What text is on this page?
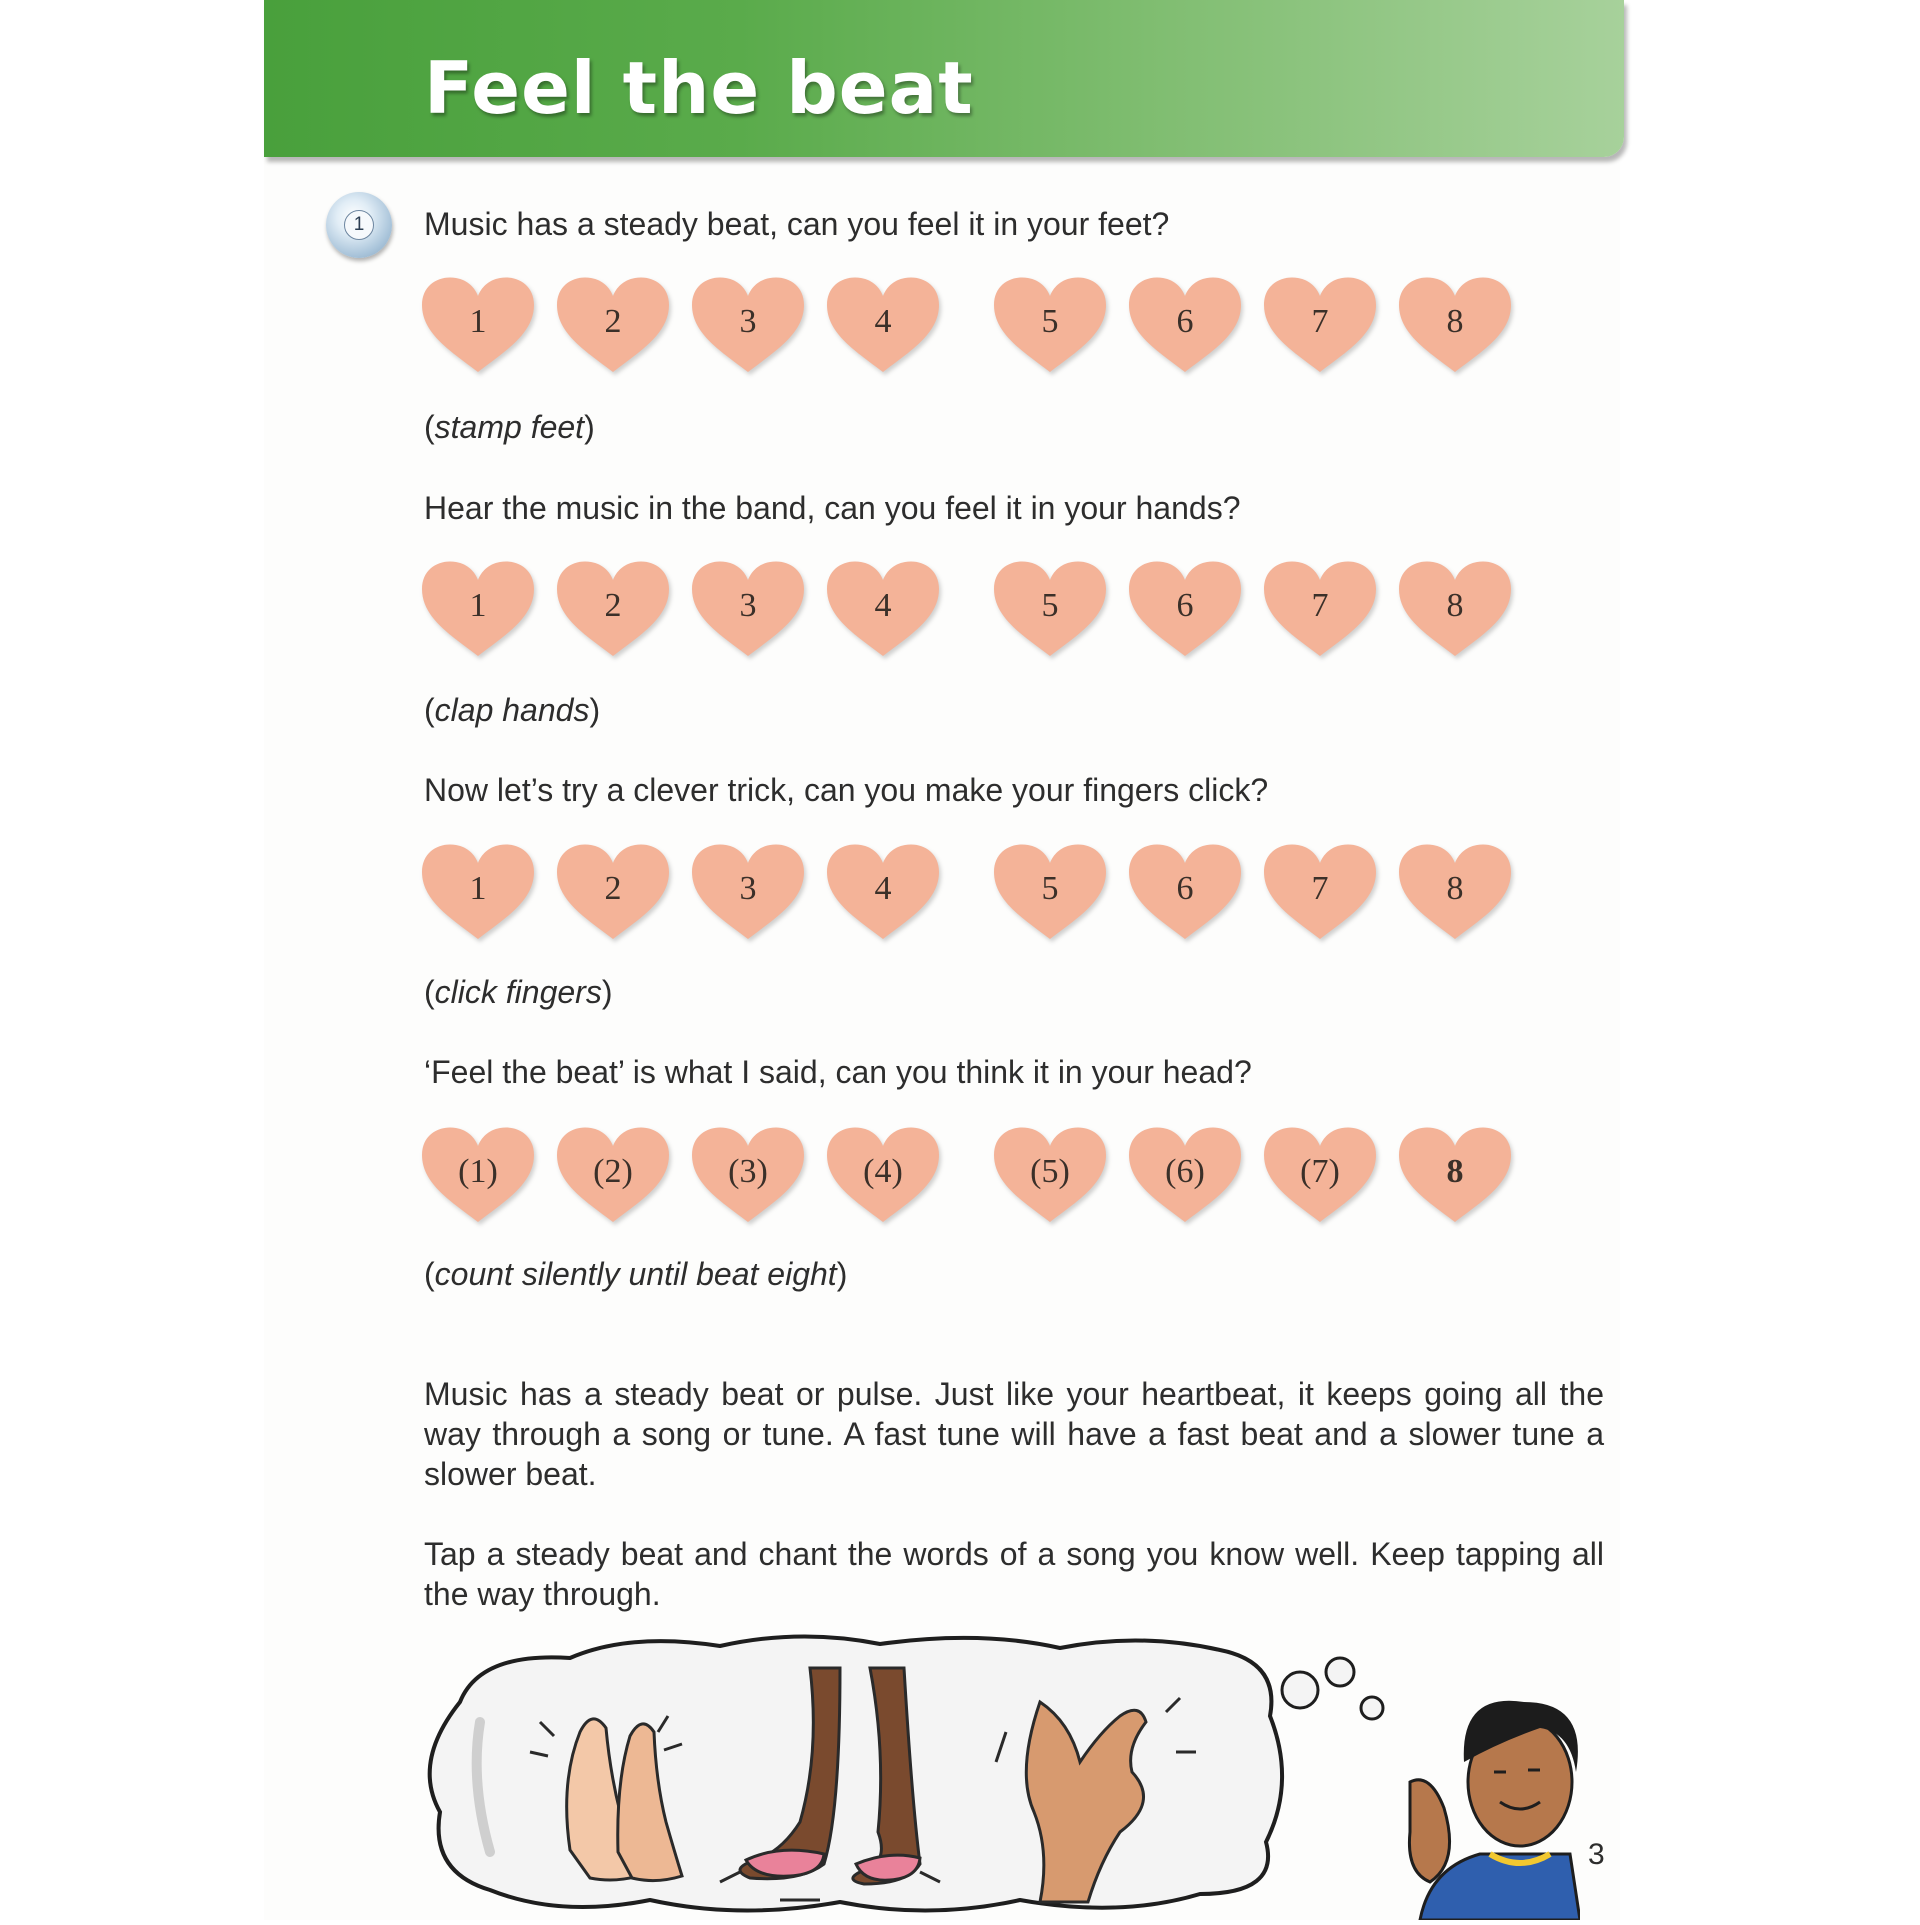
Feel the beat
1	Music has a steady beat, can you feel it in your feet?

1	2	3	4	5	6	7	8

(stamp feet)

Hear the music in the band, can you feel it in your hands?

1	2	3	4	5	6	7	8

(clap hands)

Now let’s try a clever trick, can you make your fingers click?

1	2	3	4	5	6	7	8

(click fingers)

‘Feel the beat’ is what I said, can you think it in your head?

(1)	(2)	(3)	(4)	(5)	(6)	(7)	8

(count silently until beat eight)

Music has a steady beat or pulse. Just like your heartbeat, it keeps going all the way through a song or tune. A fast tune will have a fast beat and a slower tune a slower beat.

Tap a steady beat and chant the words of a song you know well. Keep tapping all the way through.

3
